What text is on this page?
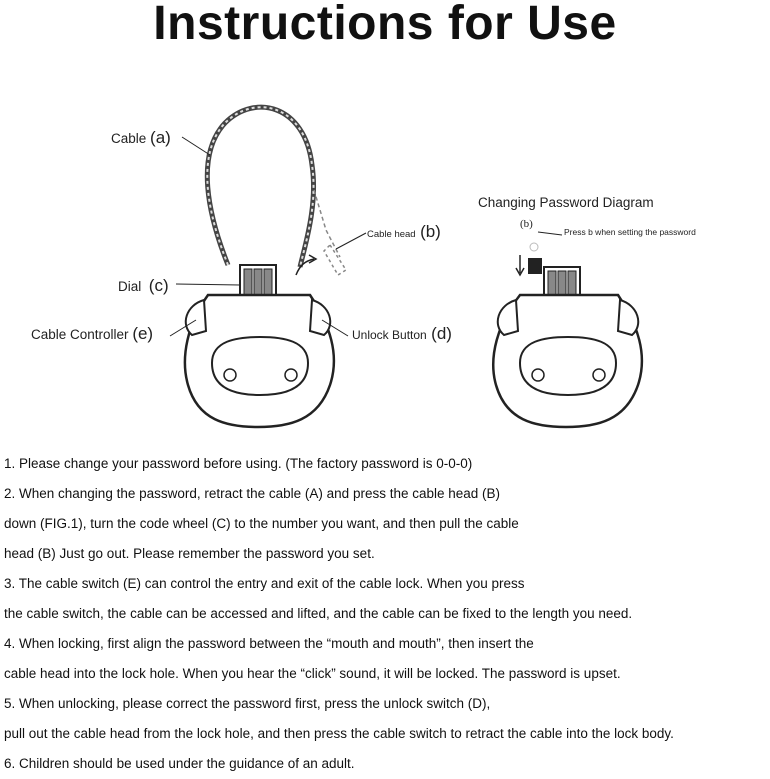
Instructions for Use
Cable (a)
Cable head (b)
Dial (c)
Cable Controller (e)	Unlock Button (d)
Changing Password Diagram
(b)
Press b when setting the password
1. Please change your password before using. (The factory password is 0-0-0)
2. When changing the password, retract the cable (A) and press the cable head (B)
down (FIG.1), turn the code wheel (C) to the number you want, and then pull the cable
head (B) Just go out. Please remember the password you set.
3. The cable switch (E) can control the entry and exit of the cable lock. When you press
the cable switch, the cable can be accessed and lifted, and the cable can be fixed to the length you need.
4. When locking, first align the password between the “mouth and mouth”, then insert the
cable head into the lock hole. When you hear the “click” sound, it will be locked. The password is upset.
5. When unlocking, please correct the password first, press the unlock switch (D),
pull out the cable head from the lock hole, and then press the cable switch to retract the cable into the lock body.
6. Children should be used under the guidance of an adult.
